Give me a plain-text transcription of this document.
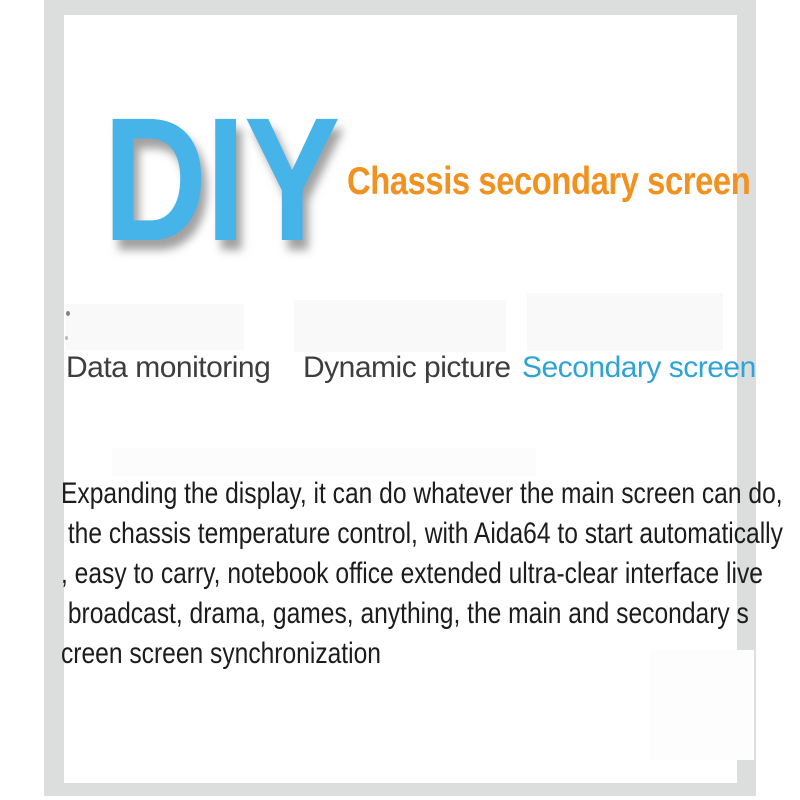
DIY Chassis secondary screen
Data monitoring Dynamic picture Secondary screen
Expanding the display, it can do whatever the main screen can do,
the chassis temperature control, with Aida64 to start automatically
, easy to carry, notebook office extended ultra-clear interface live
broadcast, drama, games, anything, the main and secondary s
creen screen synchronization
